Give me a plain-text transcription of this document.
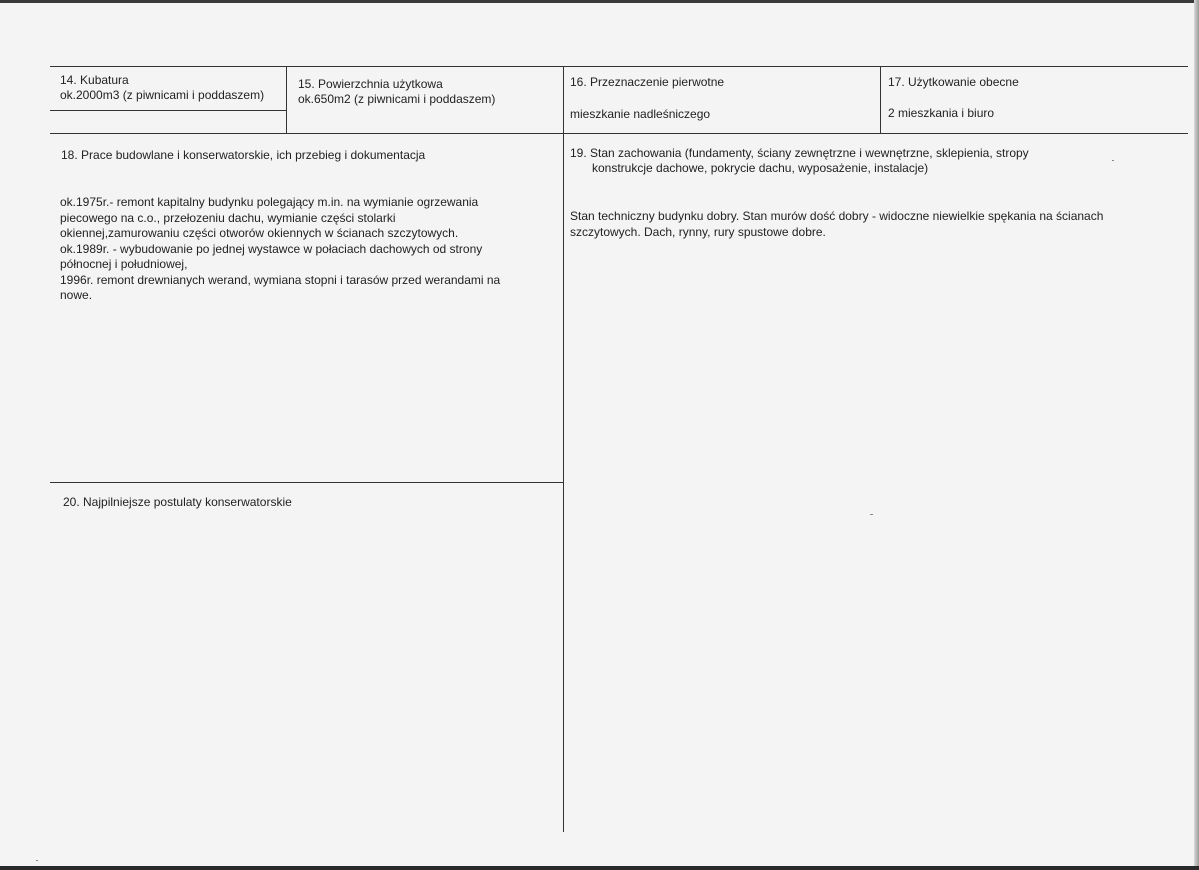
14. Kubatura
ok.2000m3 (z piwnicami i poddaszem)
15. Powierzchnia użytkowa
ok.650m2 (z piwnicami i poddaszem)
16. Przeznaczenie pierwotne
mieszkanie nadleśniczego
17. Użytkowanie obecne
2 mieszkania i biuro
18. Prace budowlane i konserwatorskie, ich przebieg i dokumentacja
ok.1975r.- remont kapitalny budynku polegający m.in. na wymianie ogrzewania
piecowego na c.o., przełozeniu dachu, wymianie części stolarki
okiennej,zamurowaniu części otworów okiennych w ścianach szczytowych.
ok.1989r. - wybudowanie po jednej wystawce w połaciach dachowych od strony
północnej i południowej,
1996r. remont drewnianych werand, wymiana stopni i tarasów przed werandami na
nowe.
19. Stan zachowania (fundamenty, ściany zewnętrzne i wewnętrzne, sklepienia, stropy
konstrukcje dachowe, pokrycie dachu, wyposażenie, instalacje)
Stan techniczny budynku dobry. Stan murów dość dobry - widoczne niewielkie spękania na ścianach
szczytowych. Dach, rynny, rury spustowe dobre.
20. Najpilniejsze postulaty konserwatorskie
